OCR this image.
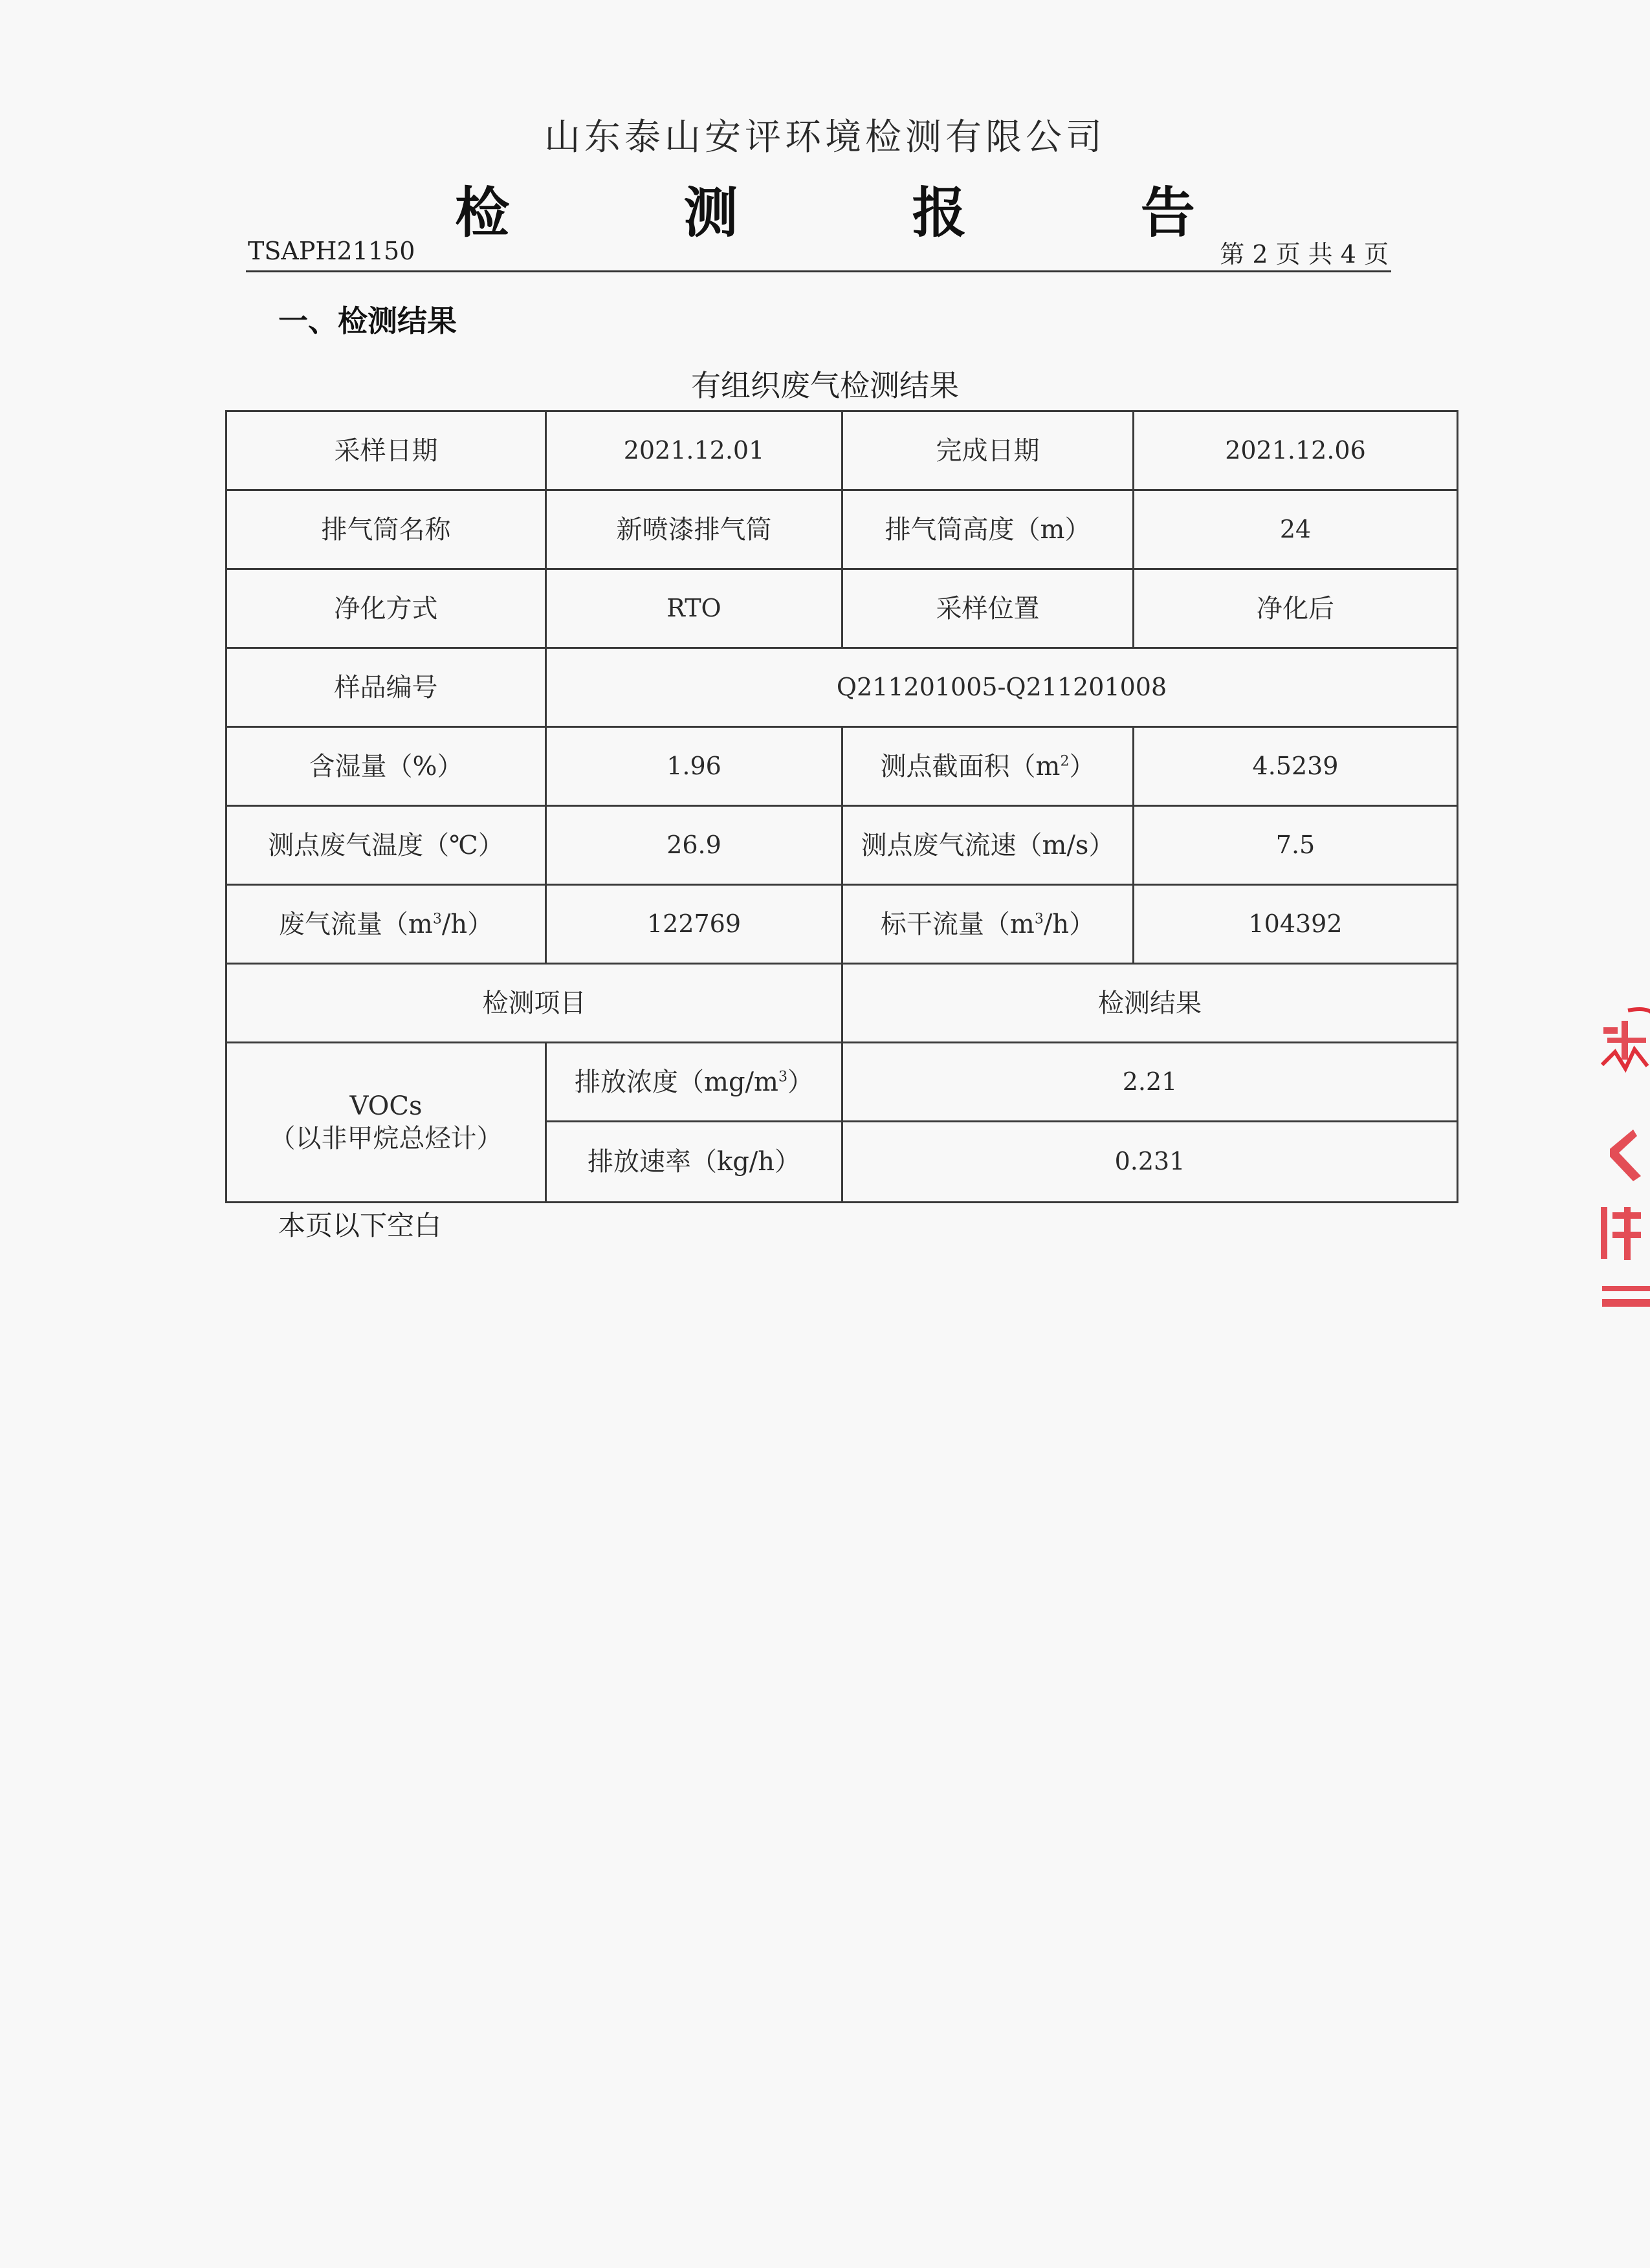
山东泰山安评环境检测有限公司
检 测 报 告
TSAPH21150	第 2 页 共 4 页
一、检测结果
有组织废气检测结果
采样日期	2021.12.01	完成日期	2021.12.06
排气筒名称	新喷漆排气筒	排气筒高度（m）	24
净化方式	RTO	采样位置	净化后
样品编号	Q211201005-Q211201008		
含湿量（%）	1.96	测点截面积$(m^2)$	4.5239
测点废气温度（℃）	26.9	测点废气流速（m/s）	7.5
废气流量$(m^3/h)$	122769	标干流量$(m^3/h)$	104392
检测项目		检测结果	

VOCs
（以非甲烷总烃计）	排放浓度$(mg/m^3)$	2.21	
	排放速率（kg/h）	0.231	
本页以下空白
